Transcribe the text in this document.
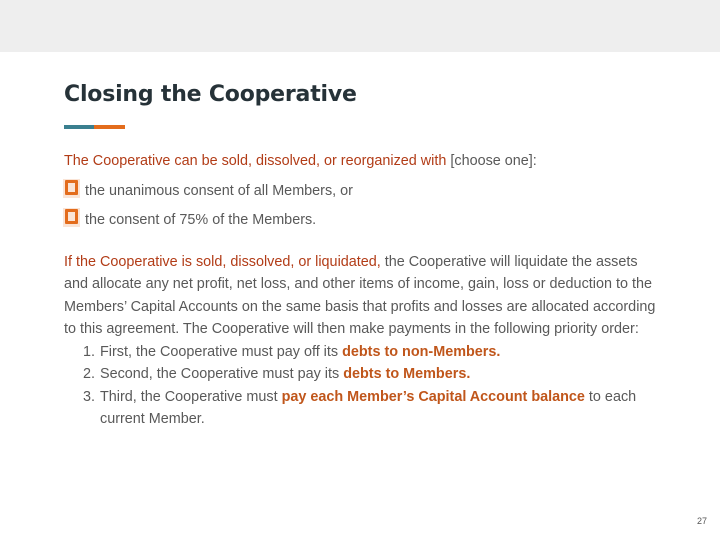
Closing the Cooperative

The Cooperative can be sold, dissolved, or reorganized with [choose one]:

the unanimous consent of all Members, or
the consent of 75% of the Members.

If the Cooperative is sold, dissolved, or liquidated, the Cooperative will liquidate the assets and allocate any net profit, net loss, and other items of income, gain, loss or deduction to the Members’ Capital Accounts on the same basis that profits and losses are allocated according to this agreement. The Cooperative will then make payments in the following priority order:

1. First, the Cooperative must pay off its debts to non-Members.
2. Second, the Cooperative must pay its debts to Members.
3. Third, the Cooperative must pay each Member’s Capital Account balance to each current Member.
27
